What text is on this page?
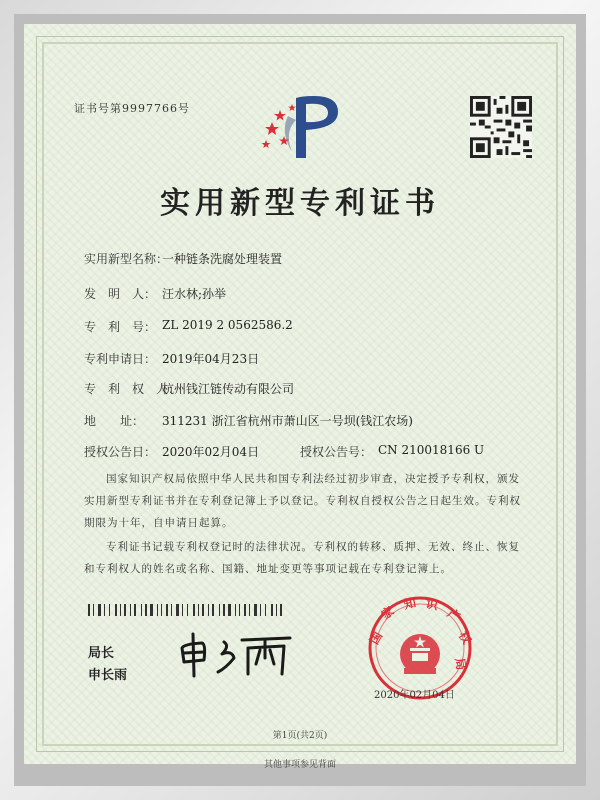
证书号第9997766号
实用新型专利证书
实用新型名称：
一种链条洗腐处理装置
发　明　人： 汪水林;孙举
专　利　号： ZL 2019 2 0562586.2
专利申请日： 2019年04月23日
专　利　权　人：
杭州钱江链传动有限公司
地　　址： 311231 浙江省杭州市萧山区一号坝(钱江农场)
授权公告日： 2020年02月04日	授权公告号： CN 210018166 U
国家知识产权局依照中华人民共和国专利法经过初步审查，决定授予专利权，颁发实用新型专利证书并在专利登记簿上予以登记。专利权自授权公告之日起生效。专利权期限为十年，自申请日起算。
专利证书记载专利权登记时的法律状况。专利权的转移、质押、无效、终止、恢复和专利权人的姓名或名称、国籍、地址变更等事项记载在专利登记簿上。
局长
申长雨
国
家
知 识
产
权
局
2020年02月04日
第1页(共2页)
其他事项参见背面
